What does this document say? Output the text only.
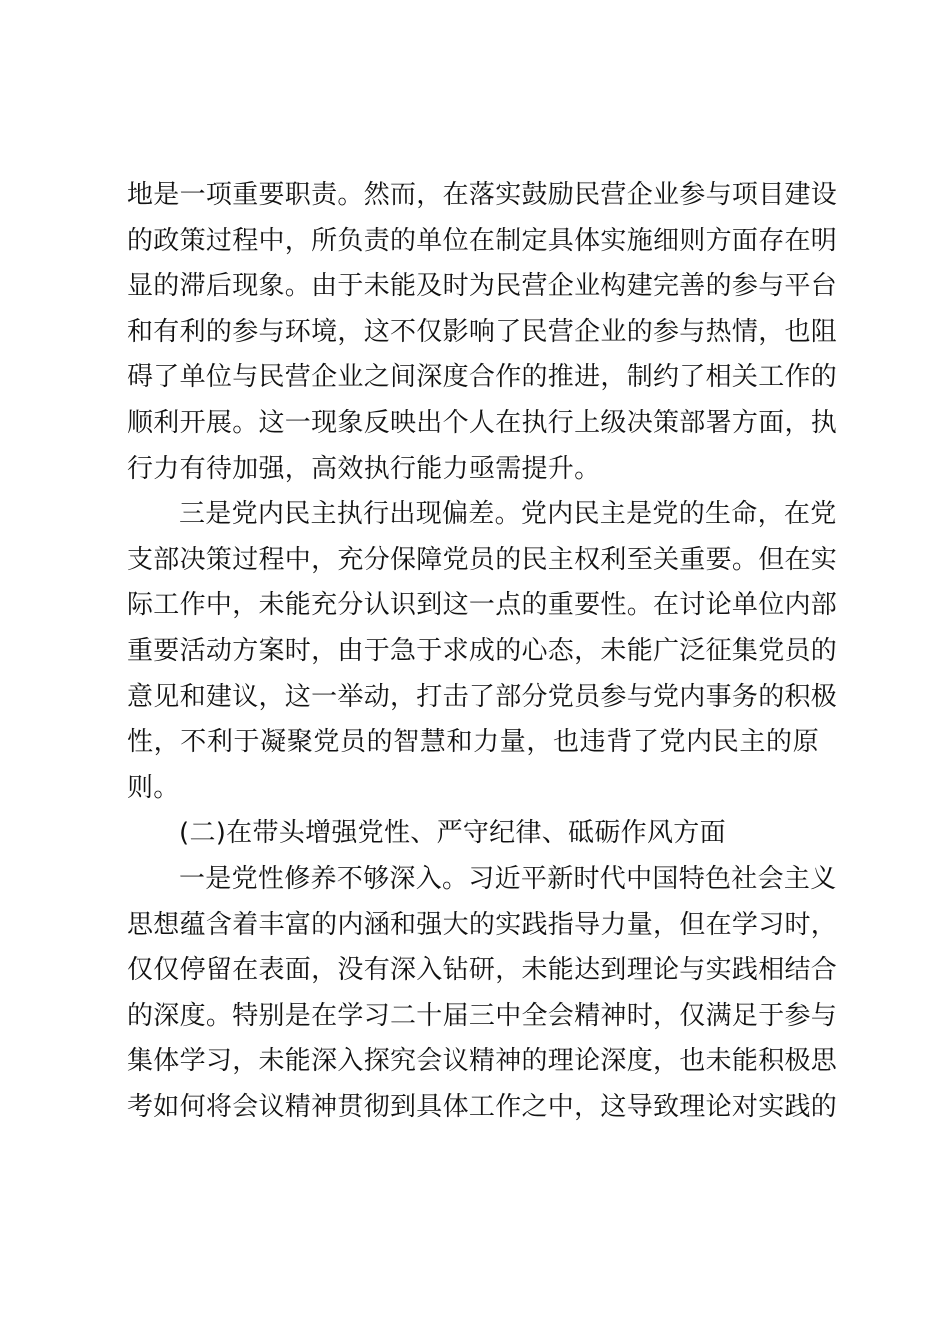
地是一项重要职责。然而，在落实鼓励民营企业参与项目建设
的政策过程中，所负责的单位在制定具体实施细则方面存在明
显的滞后现象。由于未能及时为民营企业构建完善的参与平台
和有利的参与环境，这不仅影响了民营企业的参与热情，也阻
碍了单位与民营企业之间深度合作的推进，制约了相关工作的
顺利开展。这一现象反映出个人在执行上级决策部署方面，执
行力有待加强，高效执行能力亟需提升。
三是党内民主执行出现偏差。党内民主是党的生命，在党
支部决策过程中，充分保障党员的民主权利至关重要。但在实
际工作中，未能充分认识到这一点的重要性。在讨论单位内部
重要活动方案时，由于急于求成的心态，未能广泛征集党员的
意见和建议，这一举动，打击了部分党员参与党内事务的积极
性，不利于凝聚党员的智慧和力量，也违背了党内民主的原
则。
(二)在带头增强党性、严守纪律、砥砺作风方面
一是党性修养不够深入。习近平新时代中国特色社会主义
思想蕴含着丰富的内涵和强大的实践指导力量，但在学习时，
仅仅停留在表面，没有深入钻研，未能达到理论与实践相结合
的深度。特别是在学习二十届三中全会精神时，仅满足于参与
集体学习，未能深入探究会议精神的理论深度，也未能积极思
考如何将会议精神贯彻到具体工作之中，这导致理论对实践的
